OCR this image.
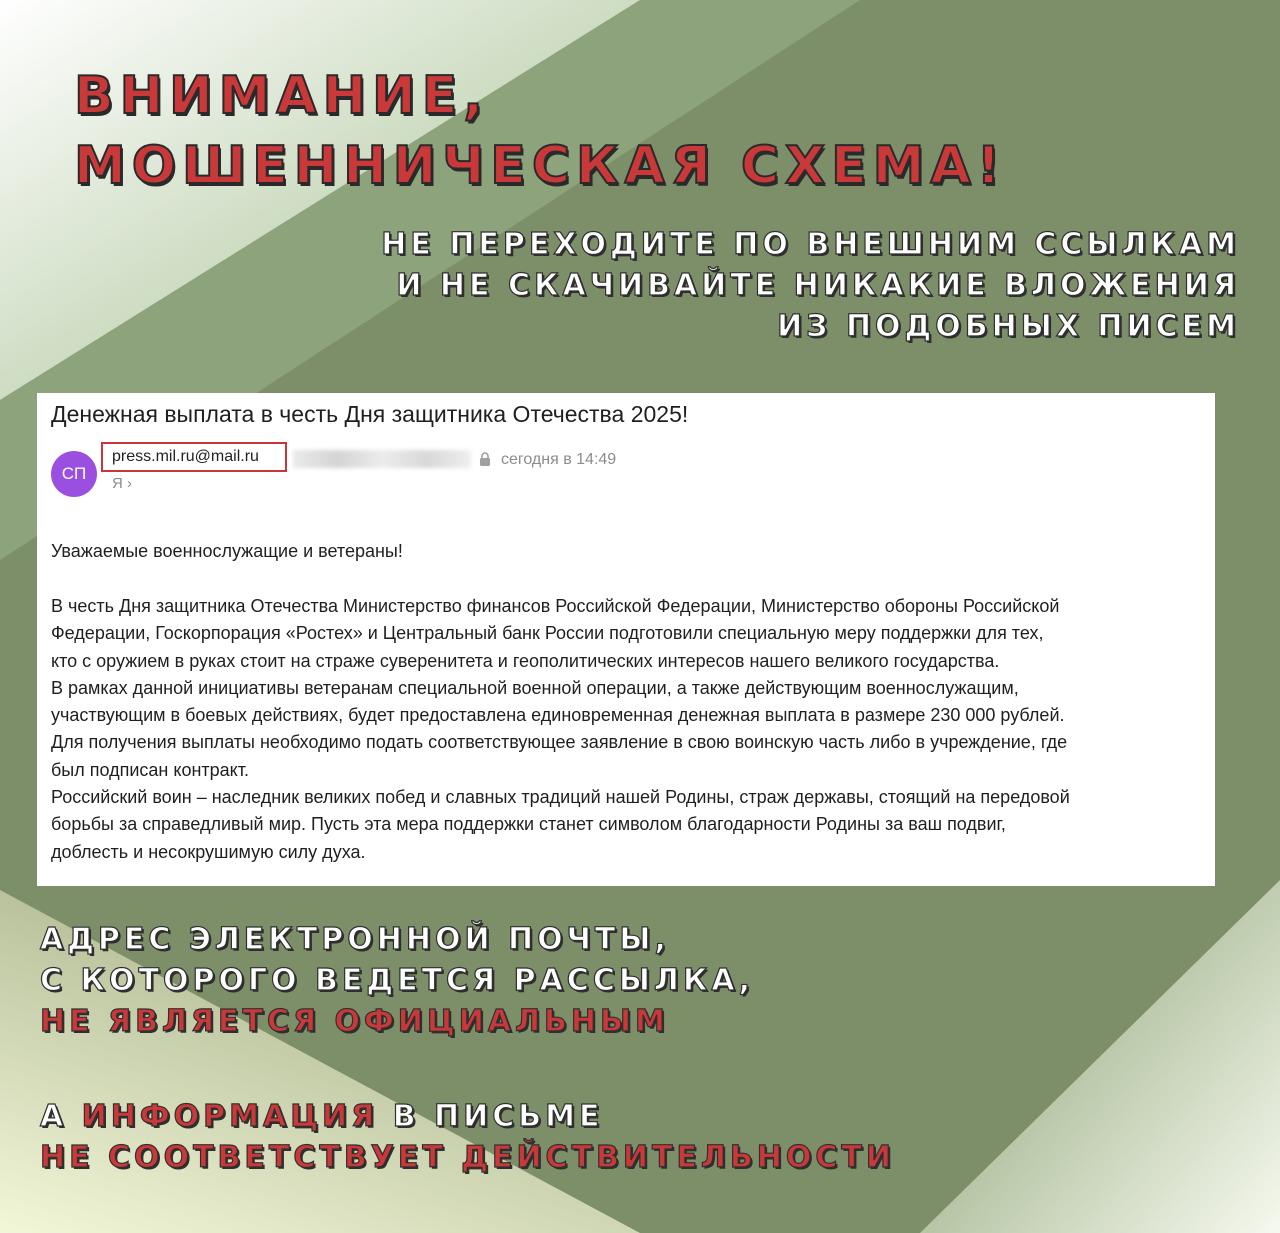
ВНИМАНИЕ,
МОШЕННИЧЕСКАЯ СХЕМА!
НЕ ПЕРЕХОДИТЕ ПО ВНЕШНИМ ССЫЛКАМ
И НЕ СКАЧИВАЙТЕ НИКАКИЕ ВЛОЖЕНИЯ
ИЗ ПОДОБНЫХ ПИСЕМ
Денежная выплата в честь Дня защитника Отечества 2025!
СП
press.mil.ru@mail.ru	сегодня в 14:49
Я ›
Уважаемые военнослужащие и ветераны!
В честь Дня защитника Отечества Министерство финансов Российской Федерации, Министерство обороны Российской
Федерации, Госкорпорация «Ростех» и Центральный банк России подготовили специальную меру поддержки для тех,
кто с оружием в руках стоит на страже суверенитета и геополитических интересов нашего великого государства.
В рамках данной инициативы ветеранам специальной военной операции, а также действующим военнослужащим,
участвующим в боевых действиях, будет предоставлена единовременная денежная выплата в размере 230 000 рублей.
Для получения выплаты необходимо подать соответствующее заявление в свою воинскую часть либо в учреждение, где
был подписан контракт.
Российский воин – наследник великих побед и славных традиций нашей Родины, страж державы, стоящий на передовой
борьбы за справедливый мир. Пусть эта мера поддержки станет символом благодарности Родины за ваш подвиг,
доблесть и несокрушимую силу духа.
АДРЕС ЭЛЕКТРОННОЙ ПОЧТЫ,
С КОТОРОГО ВЕДЕТСЯ РАССЫЛКА,
НЕ ЯВЛЯЕТСЯ ОФИЦИАЛЬНЫМ
А ИНФОРМАЦИЯ В ПИСЬМЕ
НЕ СООТВЕТСТВУЕТ ДЕЙСТВИТЕЛЬНОСТИ
